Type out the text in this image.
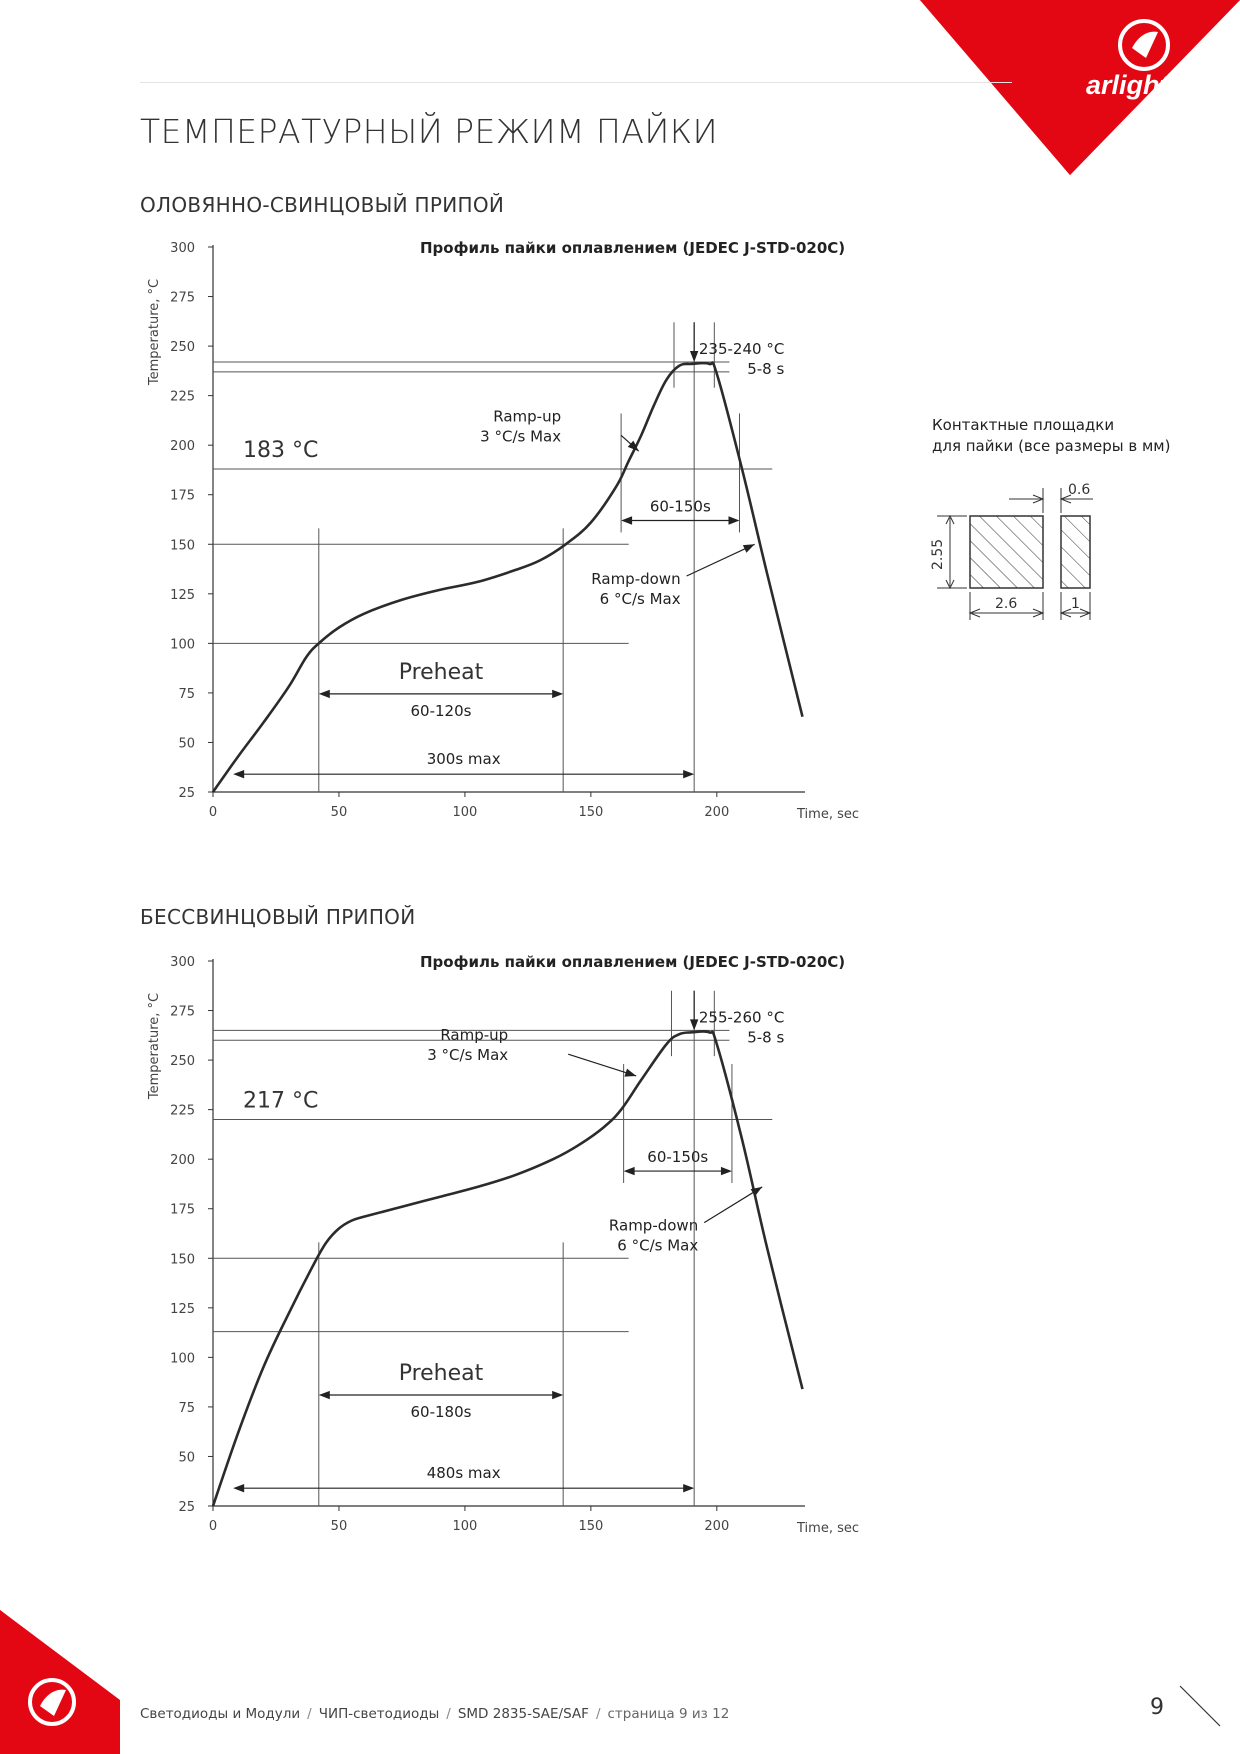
arlight
ТЕМПЕРАТУРНЫЙ РЕЖИМ ПАЙКИ
ОЛОВЯННО-СВИНЦОВЫЙ ПРИПОЙ
БЕССВИНЦОВЫЙ ПРИПОЙ
25
50
75
100
125
150
175
200
225
250
275
300
0	50	100	150	200	Time, sec
Temperature, °C
Профиль пайки оплавлением (JEDEC J-STD-020C)
183 °C
235-240 °C
5-8 s
Ramp-up
3 °C/s Max
Ramp-down
6 °C/s Max
60-150s
Preheat
60-120s
300s max
25
50
75
100
125
150
175
200
225
250
275
300
0	50	100	150	200	Time, sec
Temperature, °C
Профиль пайки оплавлением (JEDEC J-STD-020C)
217 °C
255-260 °C
5-8 s
Ramp-up
3 °C/s Max
Ramp-down
6 °C/s Max
60-150s
Preheat
60-180s
480s max
Контактные площадки
для пайки (все размеры в мм)
2.55
2.6	1
0.6
Светодиоды и Модули / ЧИП-светодиоды / SMD 2835-SAE/SAF / страница 9 из 12	9
